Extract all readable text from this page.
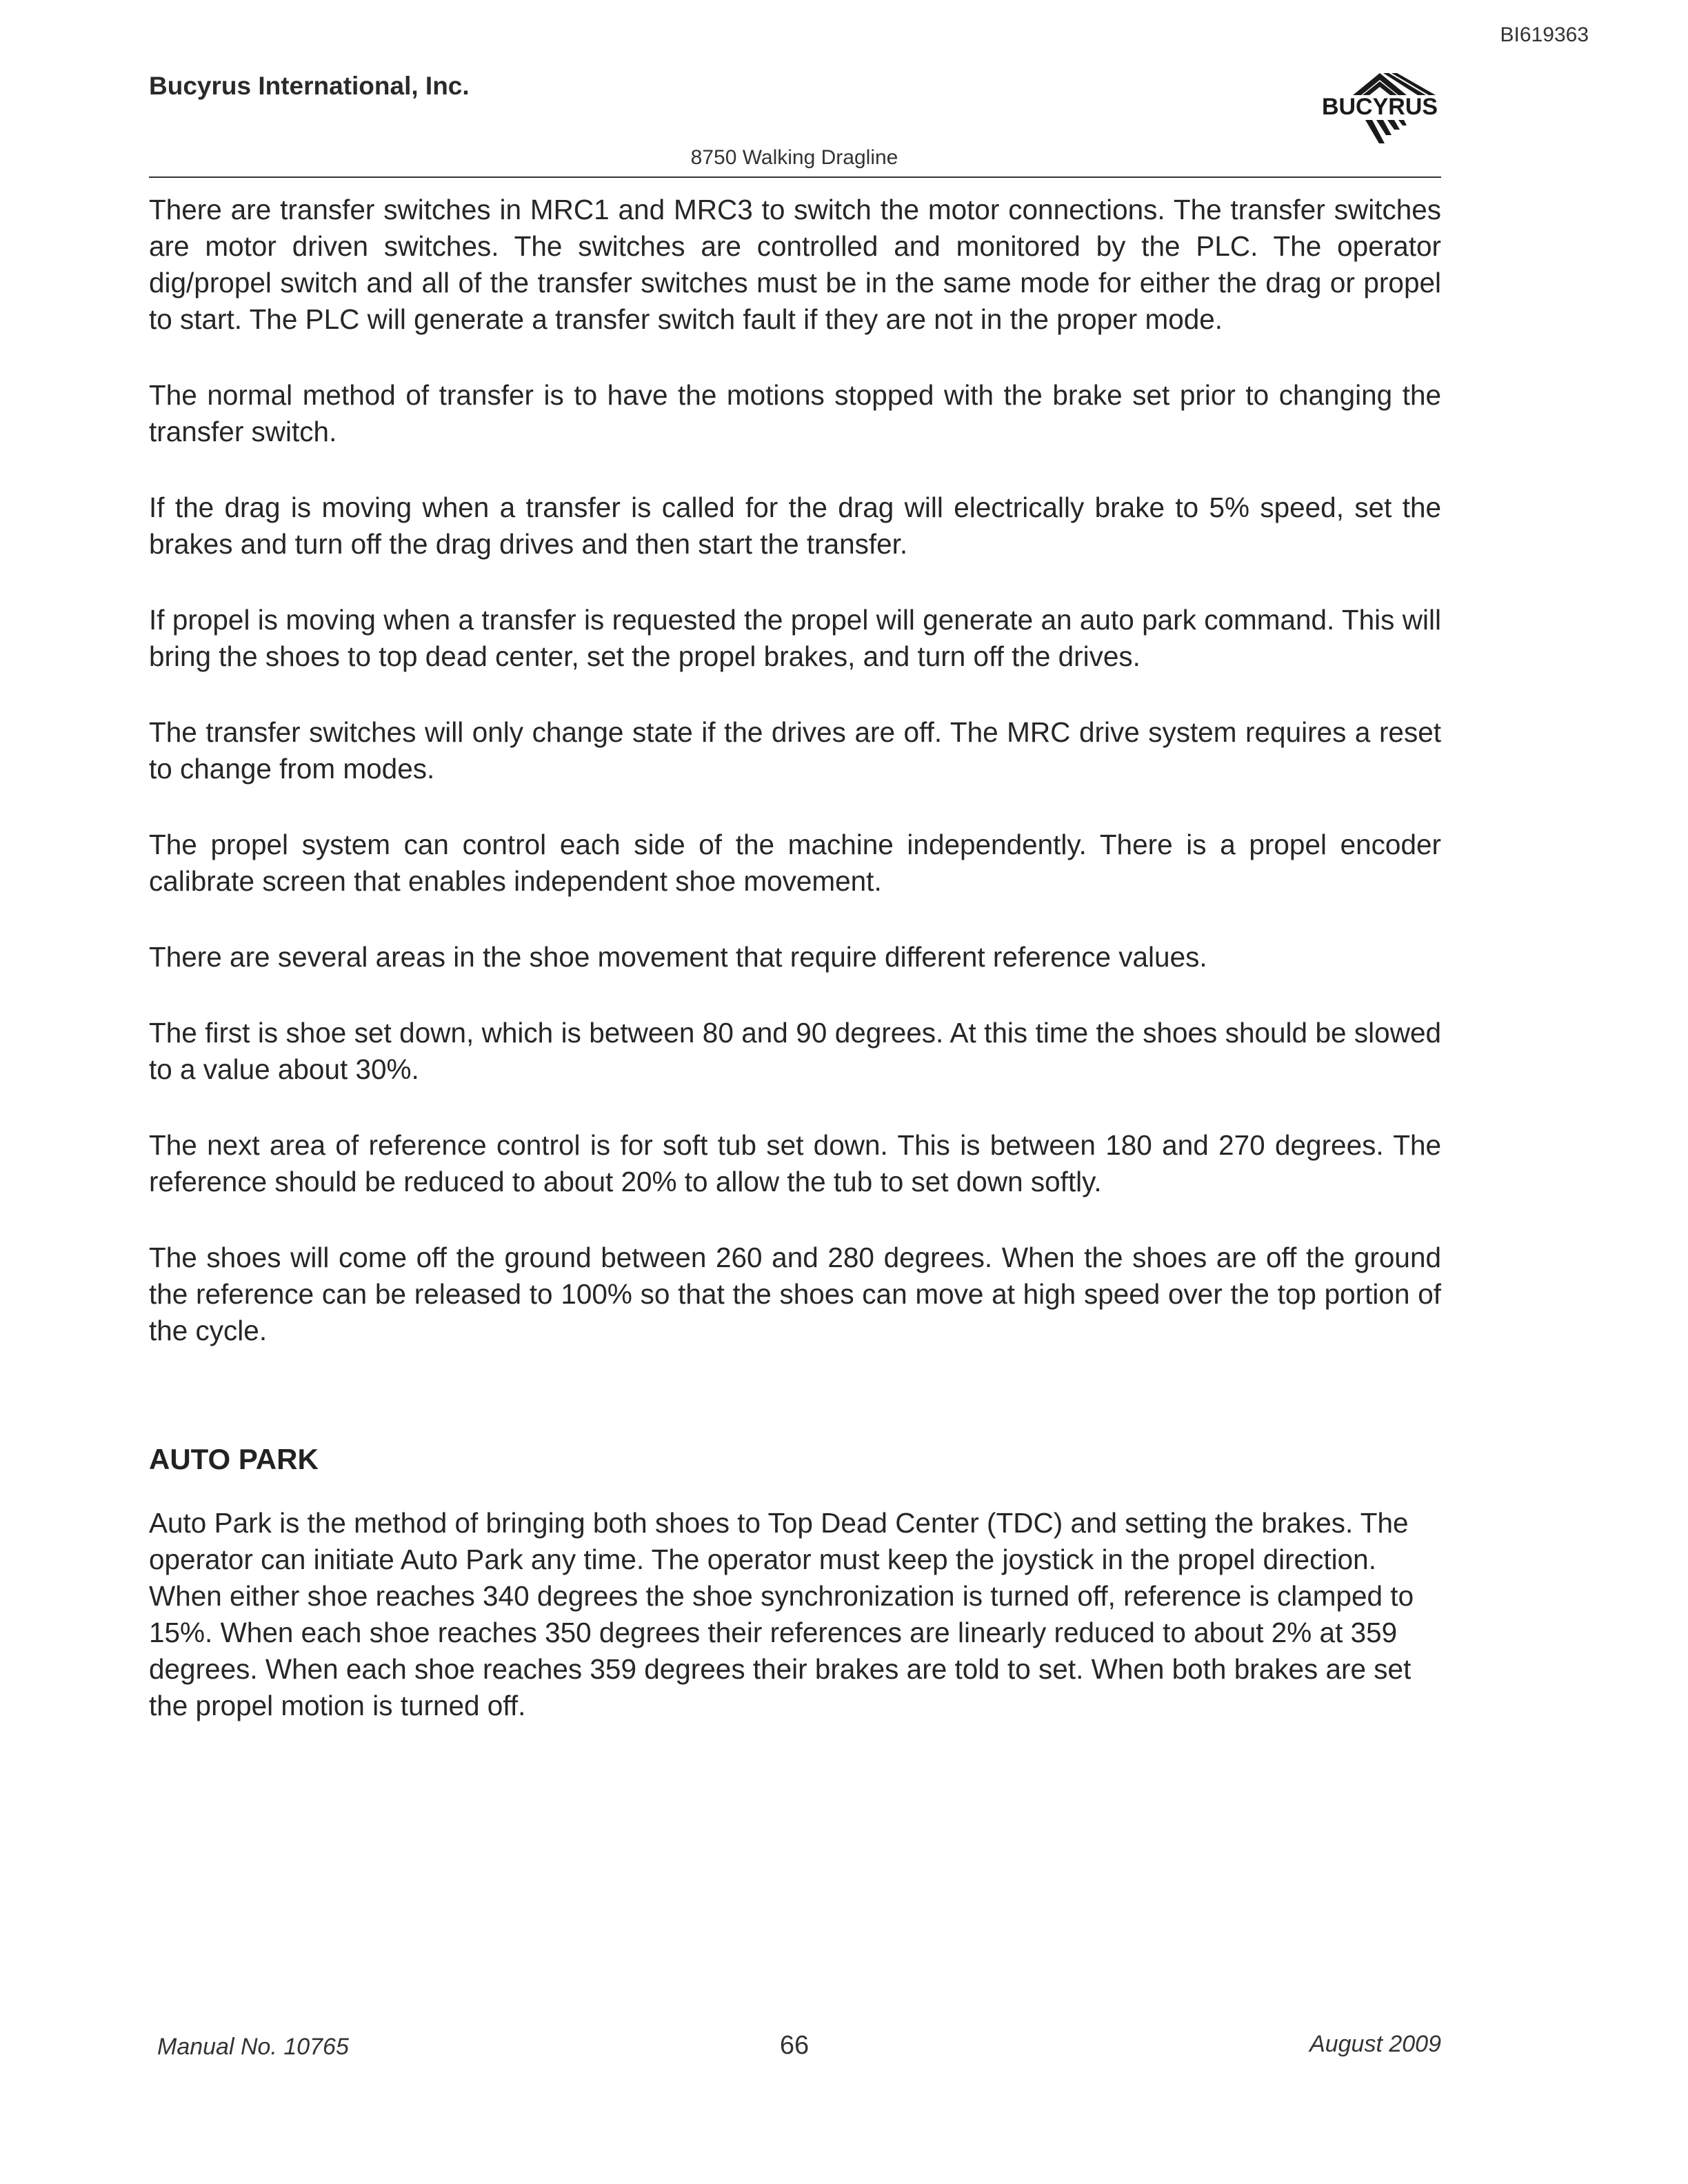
BI619363
Bucyrus International, Inc.
BUCYRUS
8750 Walking Dragline

There are transfer switches in MRC1 and MRC3 to switch the motor connections. The transfer switches are motor driven switches. The switches are controlled and monitored by the PLC. The operator dig/propel switch and all of the transfer switches must be in the same mode for either the drag or propel to start. The PLC will generate a transfer switch fault if they are not in the proper mode.

The normal method of transfer is to have the motions stopped with the brake set prior to changing the transfer switch.

If the drag is moving when a transfer is called for the drag will electrically brake to 5% speed, set the brakes and turn off the drag drives and then start the transfer.

If propel is moving when a transfer is requested the propel will generate an auto park command. This will bring the shoes to top dead center, set the propel brakes, and turn off the drives.

The transfer switches will only change state if the drives are off. The MRC drive system requires a reset to change from modes.

The propel system can control each side of the machine independently. There is a propel encoder calibrate screen that enables independent shoe movement.

There are several areas in the shoe movement that require different reference values.

The first is shoe set down, which is between 80 and 90 degrees. At this time the shoes should be slowed to a value about 30%.

The next area of reference control is for soft tub set down. This is between 180 and 270 degrees. The reference should be reduced to about 20% to allow the tub to set down softly.

The shoes will come off the ground between 260 and 280 degrees. When the shoes are off the ground the reference can be released to 100% so that the shoes can move at high speed over the top portion of the cycle.

AUTO PARK

Auto Park is the method of bringing both shoes to Top Dead Center (TDC) and setting the brakes. The operator can initiate Auto Park any time. The operator must keep the joystick in the propel direction. When either shoe reaches 340 degrees the shoe synchronization is turned off, reference is clamped to 15%. When each shoe reaches 350 degrees their references are linearly reduced to about 2% at 359 degrees. When each shoe reaches 359 degrees their brakes are told to set. When both brakes are set the propel motion is turned off.

Manual No. 10765	66	August 2009
